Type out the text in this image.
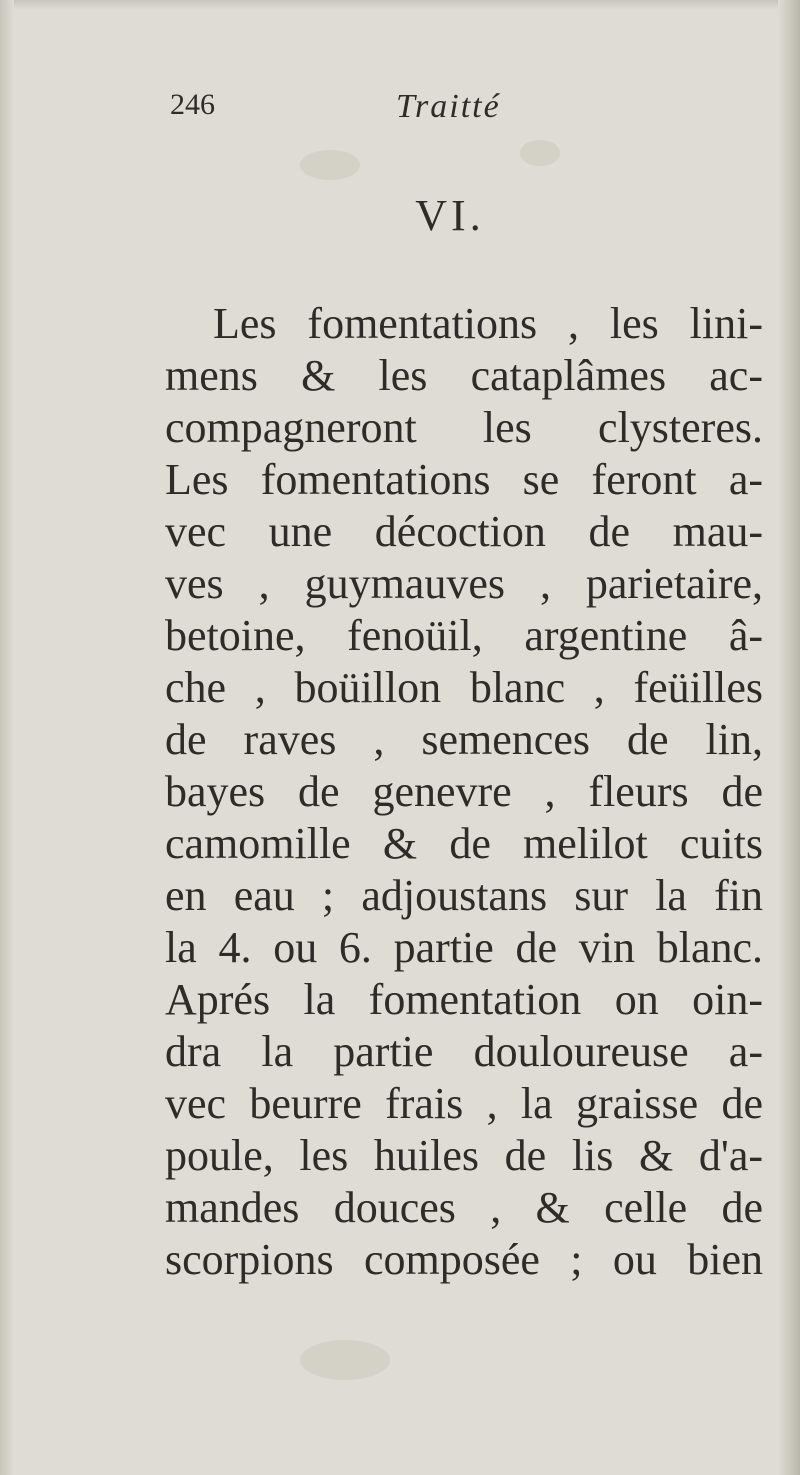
246	Traitté
VI.
Les fomentations , les lini-
mens & les cataplâmes ac-
compagneront les clysteres.
Les fomentations se feront a-
vec une décoction de mau-
ves , guymauves , parietaire,
betoine, fenoüil, argentine â-
che , boüillon blanc , feüilles
de raves , semences de lin,
bayes de genevre , fleurs de
camomille & de melilot cuits
en eau ; adjoustans sur la fin
la 4. ou 6. partie de vin blanc.
Aprés la fomentation on oin-
dra la partie douloureuse a-
vec beurre frais , la graisse de
poule, les huiles de lis & d'a-
mandes douces , & celle de
scorpions composée ; ou bien
